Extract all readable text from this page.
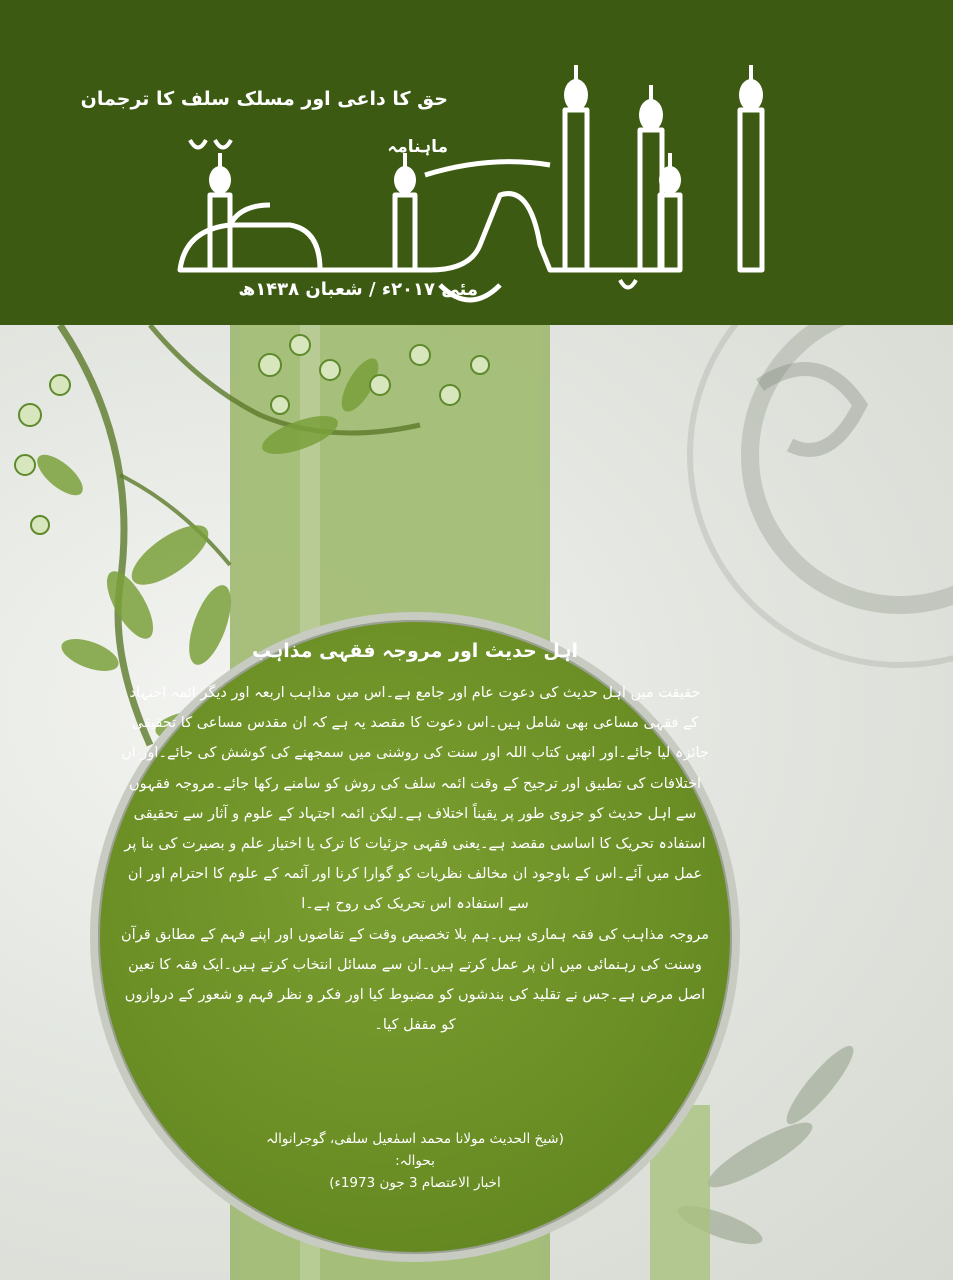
حق کا داعی اور مسلک سلف کا ترجمان
ماہنامہ
مئی ۲۰۱۷ء / شعبان ۱۴۳۸ھ
اہل حدیث اور مروجہ فقہی مذاہب

حقیقت میں اہل حدیث کی دعوت عام اور جامع ہے۔اس میں مذاہب اربعہ اور دیگر ائمہ اجتہاد کے فقہی مساعی بھی شامل ہیں۔اس دعوت کا مقصد یہ ہے کہ ان مقدس مساعی کا تحقیقی جائزہ لیا جائے۔اور انھیں کتاب اللہ اور سنت کی روشنی میں سمجھنے کی کوشش کی جائے۔اور ان اختلافات کی تطبیق اور ترجیح کے وقت ائمہ سلف کی روش کو سامنے رکھا جائے۔مروجہ فقہوں سے اہل حدیث کو جزوی طور پر یقیناً اختلاف ہے۔لیکن ائمہ اجتہاد کے علوم و آثار سے تحقیقی استفادہ تحریک کا اساسی مقصد ہے۔یعنی فقہی جزئیات کا ترک یا اختیار علم و بصیرت کی بنا پر عمل میں آئے۔اس کے باوجود ان مخالف نظریات کو گوارا کرنا اور آئمہ کے علوم کا احترام اور ان سے استفادہ اس تحریک کی روح ہے۔ا

مروجہ مذاہب کی فقہ ہماری ہیں۔ہم بلا تخصیص وقت کے تقاضوں اور اپنے فہم کے مطابق قرآن وسنت کی رہنمائی میں ان پر عمل کرتے ہیں۔ان سے مسائل انتخاب کرتے ہیں۔ایک فقہ کا تعین اصل مرض ہے۔جس نے تقلید کی بندشوں کو مضبوط کیا اور فکر و نظر فہم و شعور کے دروازوں کو مقفل کیا۔

(شیخ الحدیث مولانا محمد اسمٰعیل سلفی، گوجرانوالہ بحوالہ:
اخبار الاعتصام 3 جون 1973ء)
